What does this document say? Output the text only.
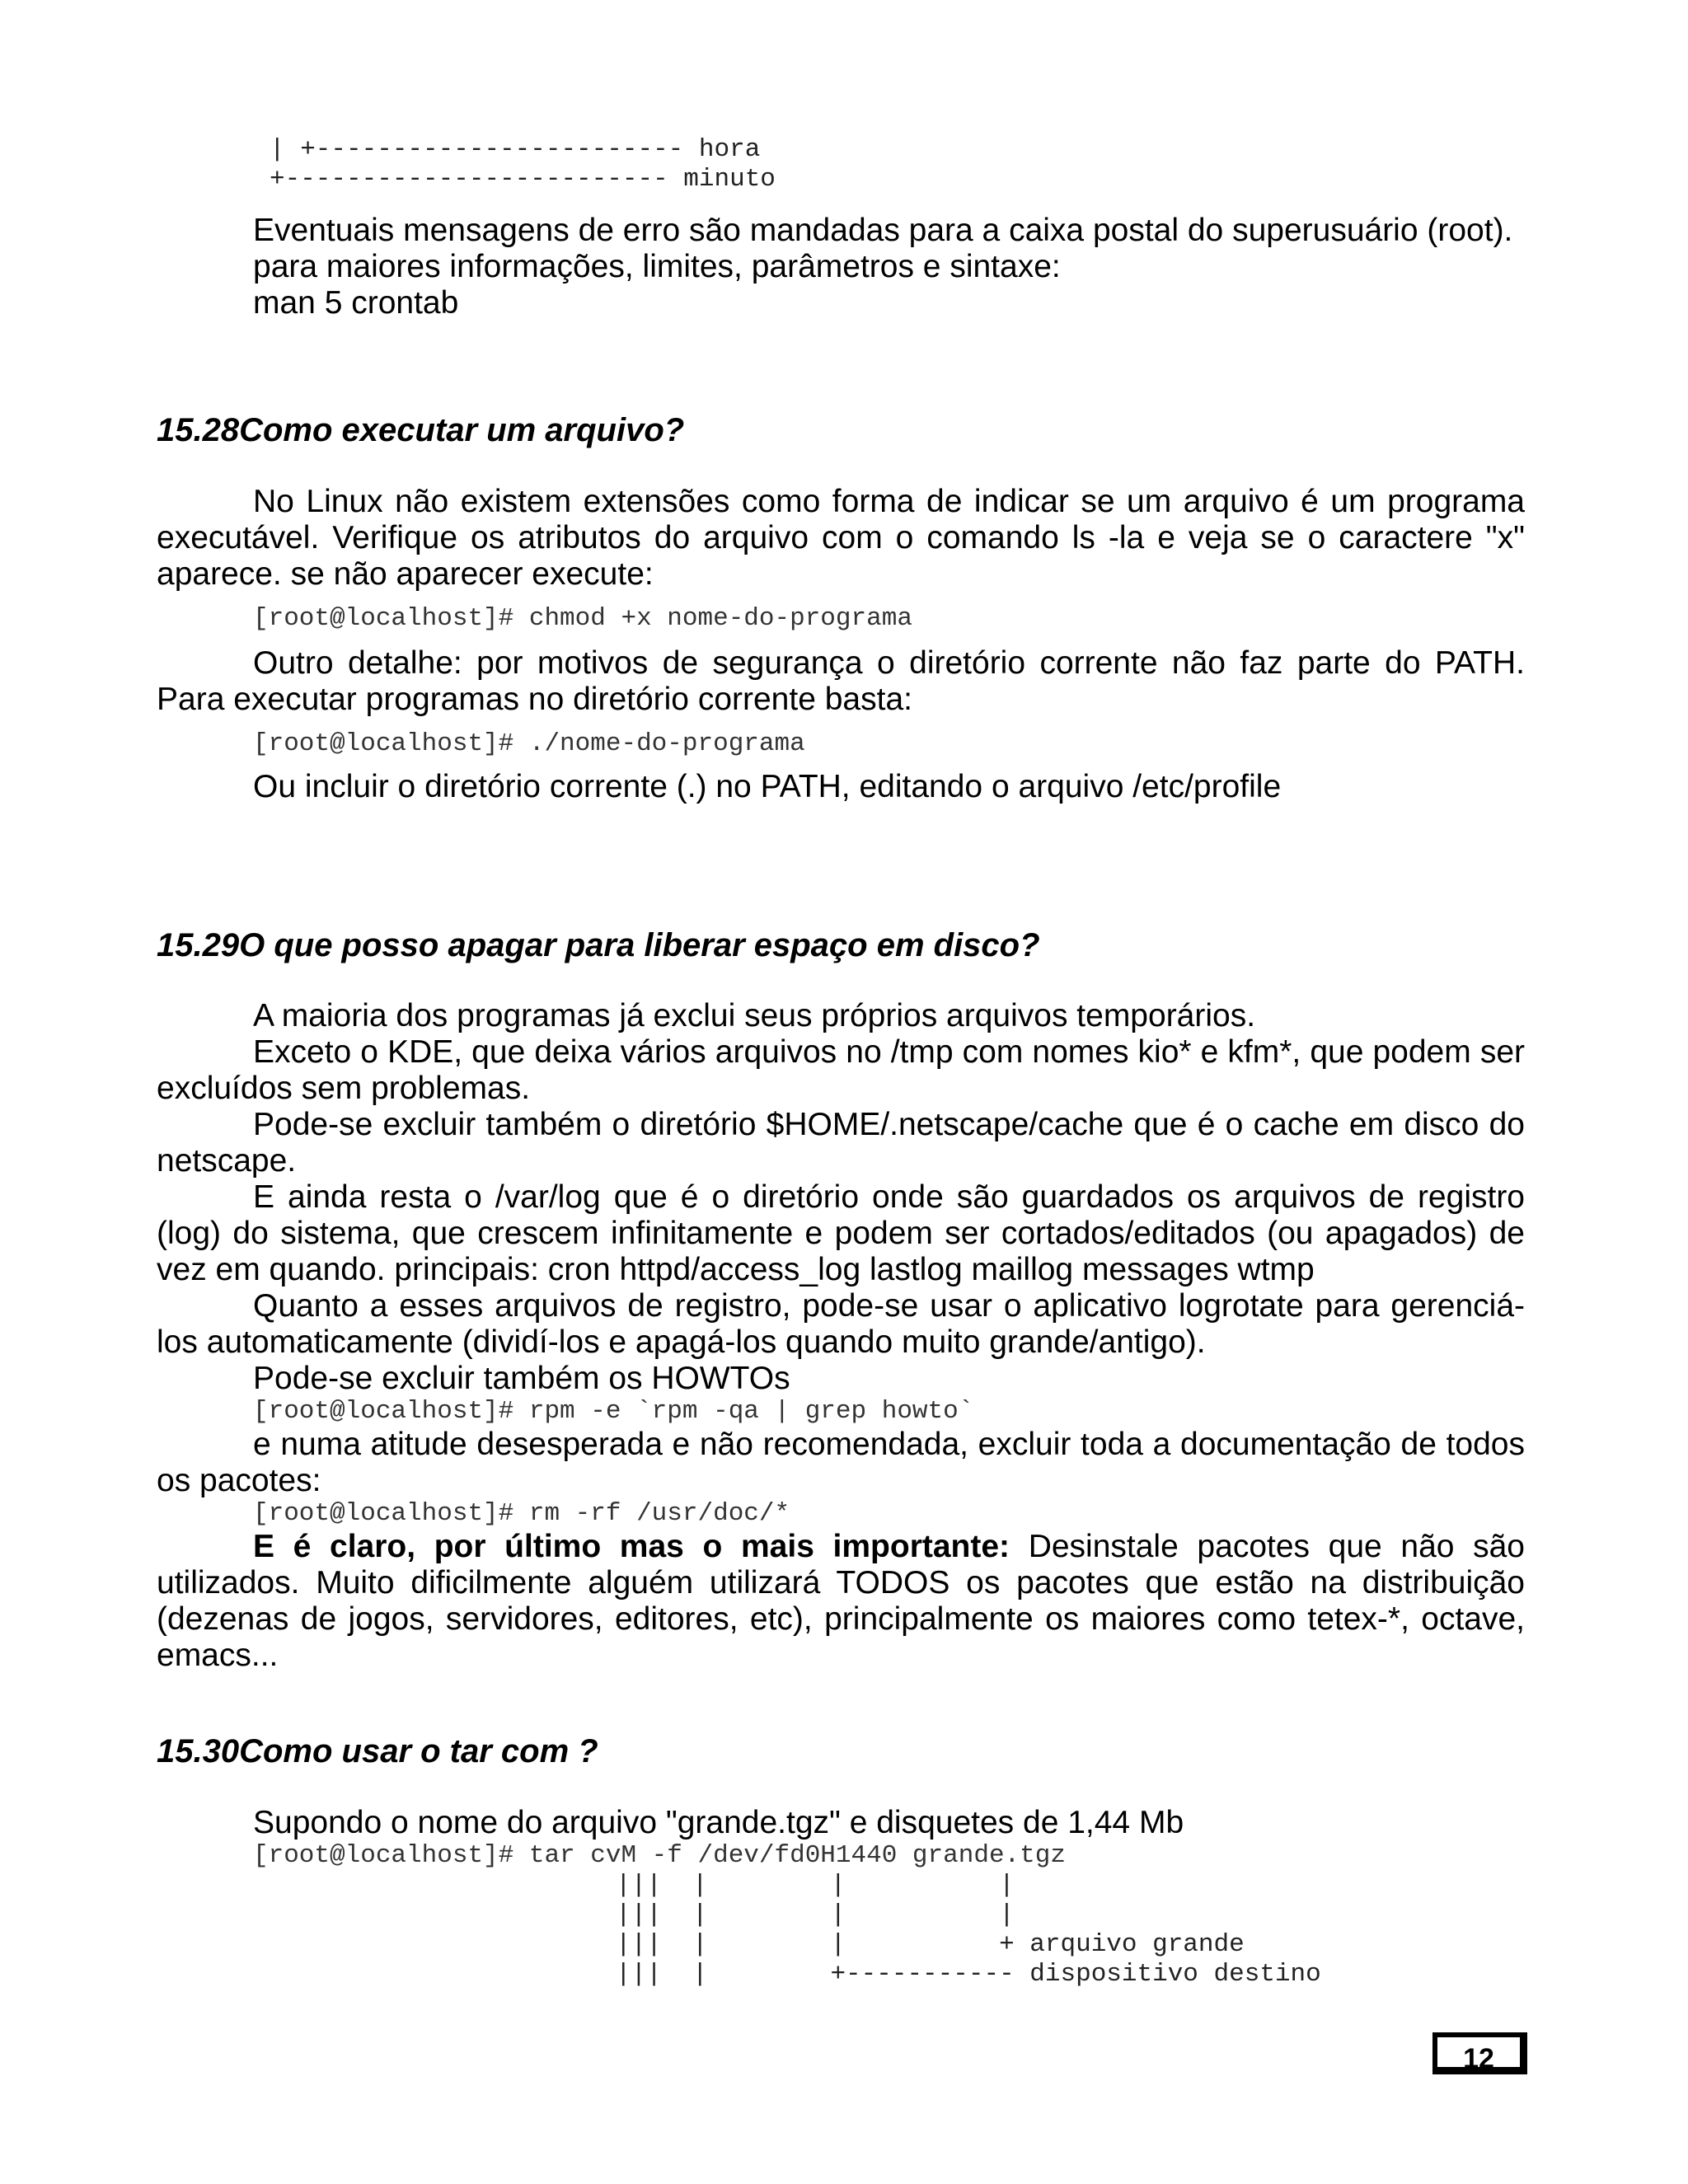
| +------------------------ hora

+------------------------- minuto

Eventuais mensagens de erro são mandadas para a caixa postal do superusuário (root).

para maiores informações, limites, parâmetros e sintaxe:

man 5 crontab

15.28Como executar um arquivo?

No Linux não existem extensões como forma de indicar se um arquivo é um programa executável. Verifique os atributos do arquivo com o comando ls -la e veja se o caractere "x" aparece. se não aparecer execute:

[root@localhost]# chmod +x nome-do-programa

Outro detalhe: por motivos de segurança o diretório corrente não faz parte do PATH. Para executar programas no diretório corrente basta:

[root@localhost]# ./nome-do-programa

Ou incluir o diretório corrente (.) no PATH, editando o arquivo /etc/profile

15.29O que posso apagar para liberar espaço em disco?

A maioria dos programas já exclui seus próprios arquivos temporários.

Exceto o KDE, que deixa vários arquivos no /tmp com nomes kio* e kfm*, que podem ser excluídos sem problemas.

Pode-se excluir também o diretório $HOME/.netscape/cache que é o cache em disco do netscape.

E ainda resta o /var/log que é o diretório onde são guardados os arquivos de registro (log) do sistema, que crescem infinitamente e podem ser cortados/editados (ou apagados) de vez em quando. principais: cron httpd/access_log lastlog maillog messages wtmp

Quanto a esses arquivos de registro, pode-se usar o aplicativo logrotate para gerenciá-los automaticamente (dividí-los e apagá-los quando muito grande/antigo).

Pode-se excluir também os HOWTOs

[root@localhost]# rpm -e `rpm -qa | grep howto`

e numa atitude desesperada e não recomendada, excluir toda a documentação de todos os pacotes:

[root@localhost]# rm -rf /usr/doc/*

E é claro, por último mas o mais importante: Desinstale pacotes que não são utilizados. Muito dificilmente alguém utilizará TODOS os pacotes que estão na distribuição (dezenas de jogos, servidores, editores, etc), principalmente os maiores como tetex-*, octave, emacs...

15.30Como usar o tar com ?

Supondo o nome do arquivo "grande.tgz" e disquetes de 1,44 Mb

[root@localhost]# tar cvM -f /dev/fd0H1440 grande.tgz

|||  |        |          |

|||  |        |          |

|||  |        |          + arquivo grande

|||  |        +----------- dispositivo destino

12
